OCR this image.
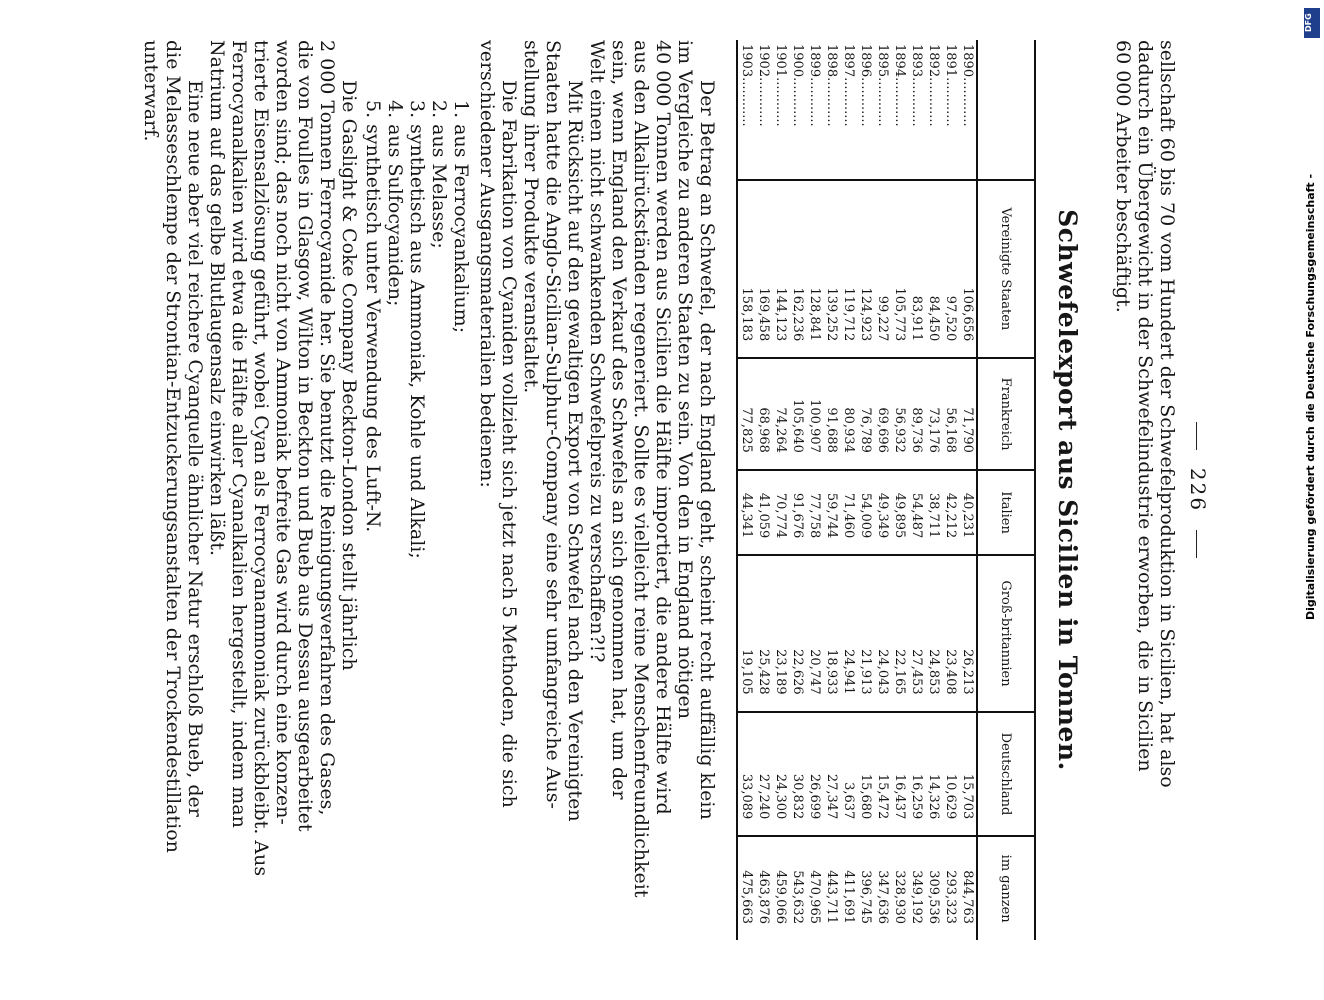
226
sellschaft 60 bis 70 vom Hundert der Schwefelproduktion in Sicilien, hat also
dadurch ein Übergewicht in der Schwefelindustrie erworben, die in Sicilien
60 000 Arbeiter beschäftigt.
Schwefelexport aus Sicilien in Tonnen.
	Vereinigte Staaten	Frankreich	Italien	Groß-britannien	Deutschland	im ganzen
1890............	106,656	71,790	40,231	26,213	15,703	844,763
1891............	97,520	56,168	42,212	23,408	10,629	293,323
1892............	84,450	73,176	38,711	24,853	14,326	309,536
1893............	83,911	89,736	54,487	27,453	16,259	349,192
1894............	105,773	56,932	49,895	22,165	16,437	328,930
1895............	99,227	69,696	49,349	24,043	15,472	347,636
1896............	124,923	76,789	54,009	21,913	15,680	396,745
1897............	119,712	80,934	71,460	24,941	3,637	411,691
1898............	139,252	91,688	59,744	18,933	27,347	443,711
1899............	128,841	100,907	77,758	20,747	26,699	470,965
1900............	162,236	105,640	91,676	22,626	30,832	543,632
1901............	144,123	74,264	70,774	23,189	24,300	459,066
1902............	169,458	68,968	41,059	25,428	27,240	463,876
1903............	158,183	77,825	44,341	19,105	33,089	475,663
Der Betrag an Schwefel, der nach England geht, scheint recht auffällig klein
im Vergleiche zu anderen Staaten zu sein. Von den in England nötigen
40 000 Tonnen werden aus Sicilien die Hälfte importiert, die andere Hälfte wird
aus den Alkalirückständen regeneriert. Sollte es vielleicht reine Menschenfreundlichkeit
sein, wenn England den Verkauf des Schwefels an sich genommen hat, um der
Welt einen nicht schwankenden Schwefelpreis zu verschaffen?!?
Mit Rücksicht auf den gewaltigen Export von Schwefel nach den Vereinigten
Staaten hatte die Anglo-Sicilian-Sulphur-Company eine sehr umfangreiche Aus-
stellung ihrer Produkte veranstaltet.
Die Fabrikation von Cyaniden vollzieht sich jetzt nach 5 Methoden, die sich
verschiedener Ausgangsmaterialien bedienen:
1. aus Ferrocyankalium;
2. aus Melasse;
3. synthetisch aus Ammoniak, Kohle und Alkali;
4. aus Sulfocyaniden;
5. synthetisch unter Verwendung des Luft-N.
Die Gaslight & Coke Company Beckton-London stellt jährlich
2 000 Tonnen Ferrocyanide her. Sie benutzt die Reinigungsverfahren des Gases,
die von Foulles in Glasgow, Wilton in Beckton und Bueb aus Dessau ausgearbeitet
worden sind; das noch nicht von Ammoniak befreite Gas wird durch eine konzen-
trierte Eisensalzlösung geführt, wobei Cyan als Ferrocyanammoniak zurückbleibt. Aus
Ferrocyanalkalien wird etwa die Hälfte aller Cyanalkalien hergestellt, indem man
Natrium auf das gelbe Blutlaugensalz einwirken läßt.
Eine neue aber viel reichere Cyanquelle ähnlicher Natur erschloß Bueb, der
die Melasseschlempe der Strontian-Entzuckerungsanstalten der Trockendestillation
unterwarf.
DFG
Digitalisierung gefördert durch die Deutsche Forschungsgemeinschaft -
